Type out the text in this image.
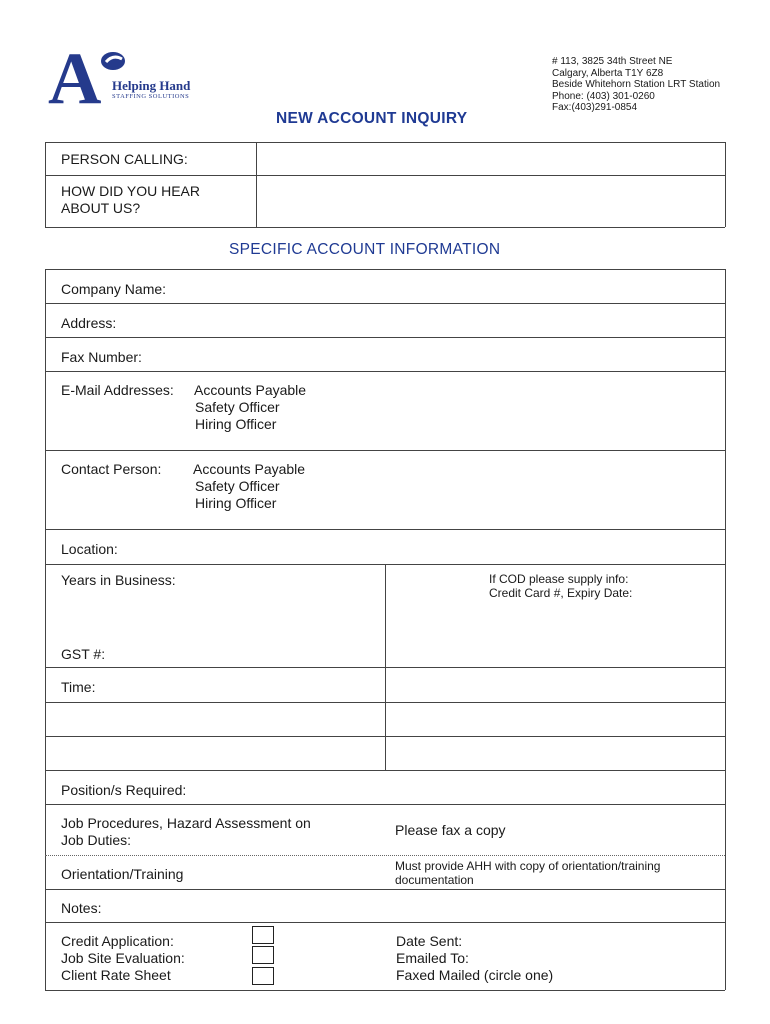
A Helping Hand
STAFFING SOLUTIONS
# 113, 3825 34th Street NE
Calgary, Alberta T1Y 6Z8
Beside Whitehorn Station LRT Station
Phone: (403) 301-0260
Fax:(403)291-0854
NEW ACCOUNT INQUIRY
PERSON CALLING:
HOW DID YOU HEAR
ABOUT US?
SPECIFIC ACCOUNT INFORMATION
Company Name:
Address:
Fax Number:
E-Mail Addresses: Accounts Payable
Safety Officer
Hiring Officer
Contact Person: Accounts Payable
Safety Officer
Hiring Officer
Location:
Years in Business:	If COD please supply info:
Credit Card #, Expiry Date:
GST #:
Time:
Position/s Required:
Job Procedures, Hazard Assessment on
Job Duties:
Please fax a copy
Orientation/Training	Must provide AHH with copy of orientation/training
documentation
Notes:
Credit Application:
Job Site Evaluation:
Client Rate Sheet
Date Sent:
Emailed To:
Faxed Mailed (circle one)
